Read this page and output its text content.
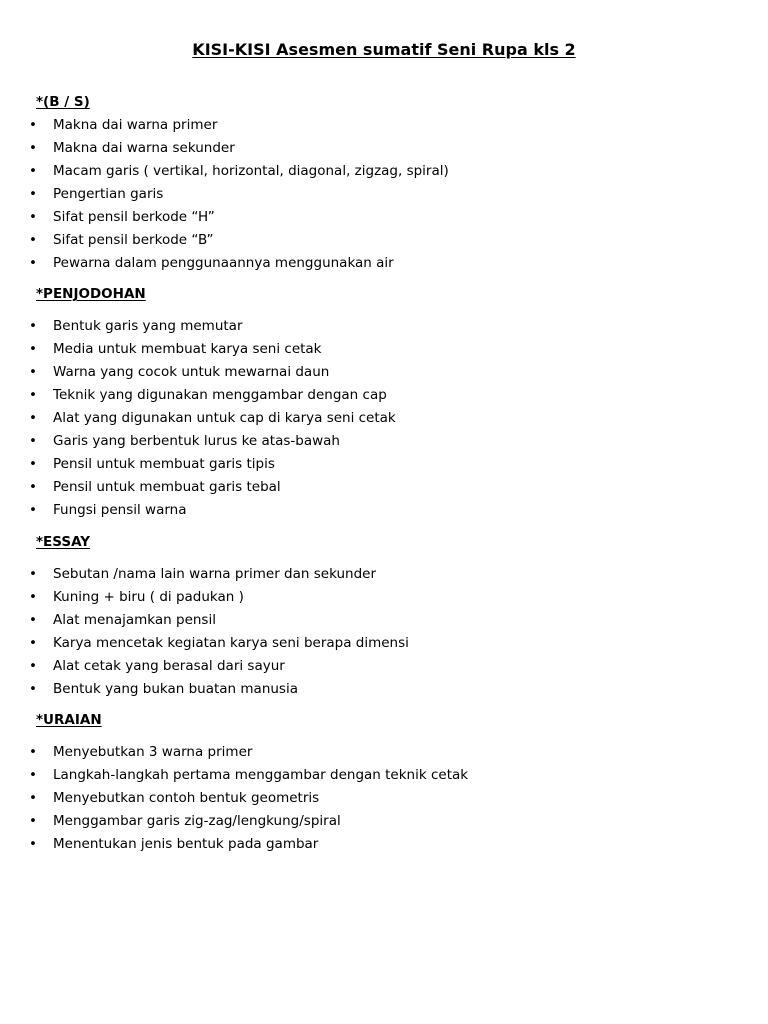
KISI-KISI Asesmen sumatif Seni Rupa kls 2
*(B / S)
• Makna dai warna primer
• Makna dai warna sekunder
• Macam garis ( vertikal, horizontal, diagonal, zigzag, spiral)
• Pengertian garis
• Sifat pensil berkode “H”
• Sifat pensil berkode “B”
• Pewarna dalam penggunaannya menggunakan air
*PENJODOHAN
• Bentuk garis yang memutar
• Media untuk membuat karya seni cetak
• Warna yang cocok untuk mewarnai daun
• Teknik yang digunakan menggambar dengan cap
• Alat yang digunakan untuk cap di karya seni cetak
• Garis yang berbentuk lurus ke atas-bawah
• Pensil untuk membuat garis tipis
• Pensil untuk membuat garis tebal
• Fungsi pensil warna
*ESSAY
• Sebutan /nama lain warna primer dan sekunder
• Kuning + biru ( di padukan )
• Alat menajamkan pensil
• Karya mencetak kegiatan karya seni berapa dimensi
• Alat cetak yang berasal dari sayur
• Bentuk yang bukan buatan manusia
*URAIAN
• Menyebutkan 3 warna primer
• Langkah-langkah pertama menggambar dengan teknik cetak
• Menyebutkan contoh bentuk geometris
• Menggambar garis zig-zag/lengkung/spiral
• Menentukan jenis bentuk pada gambar
